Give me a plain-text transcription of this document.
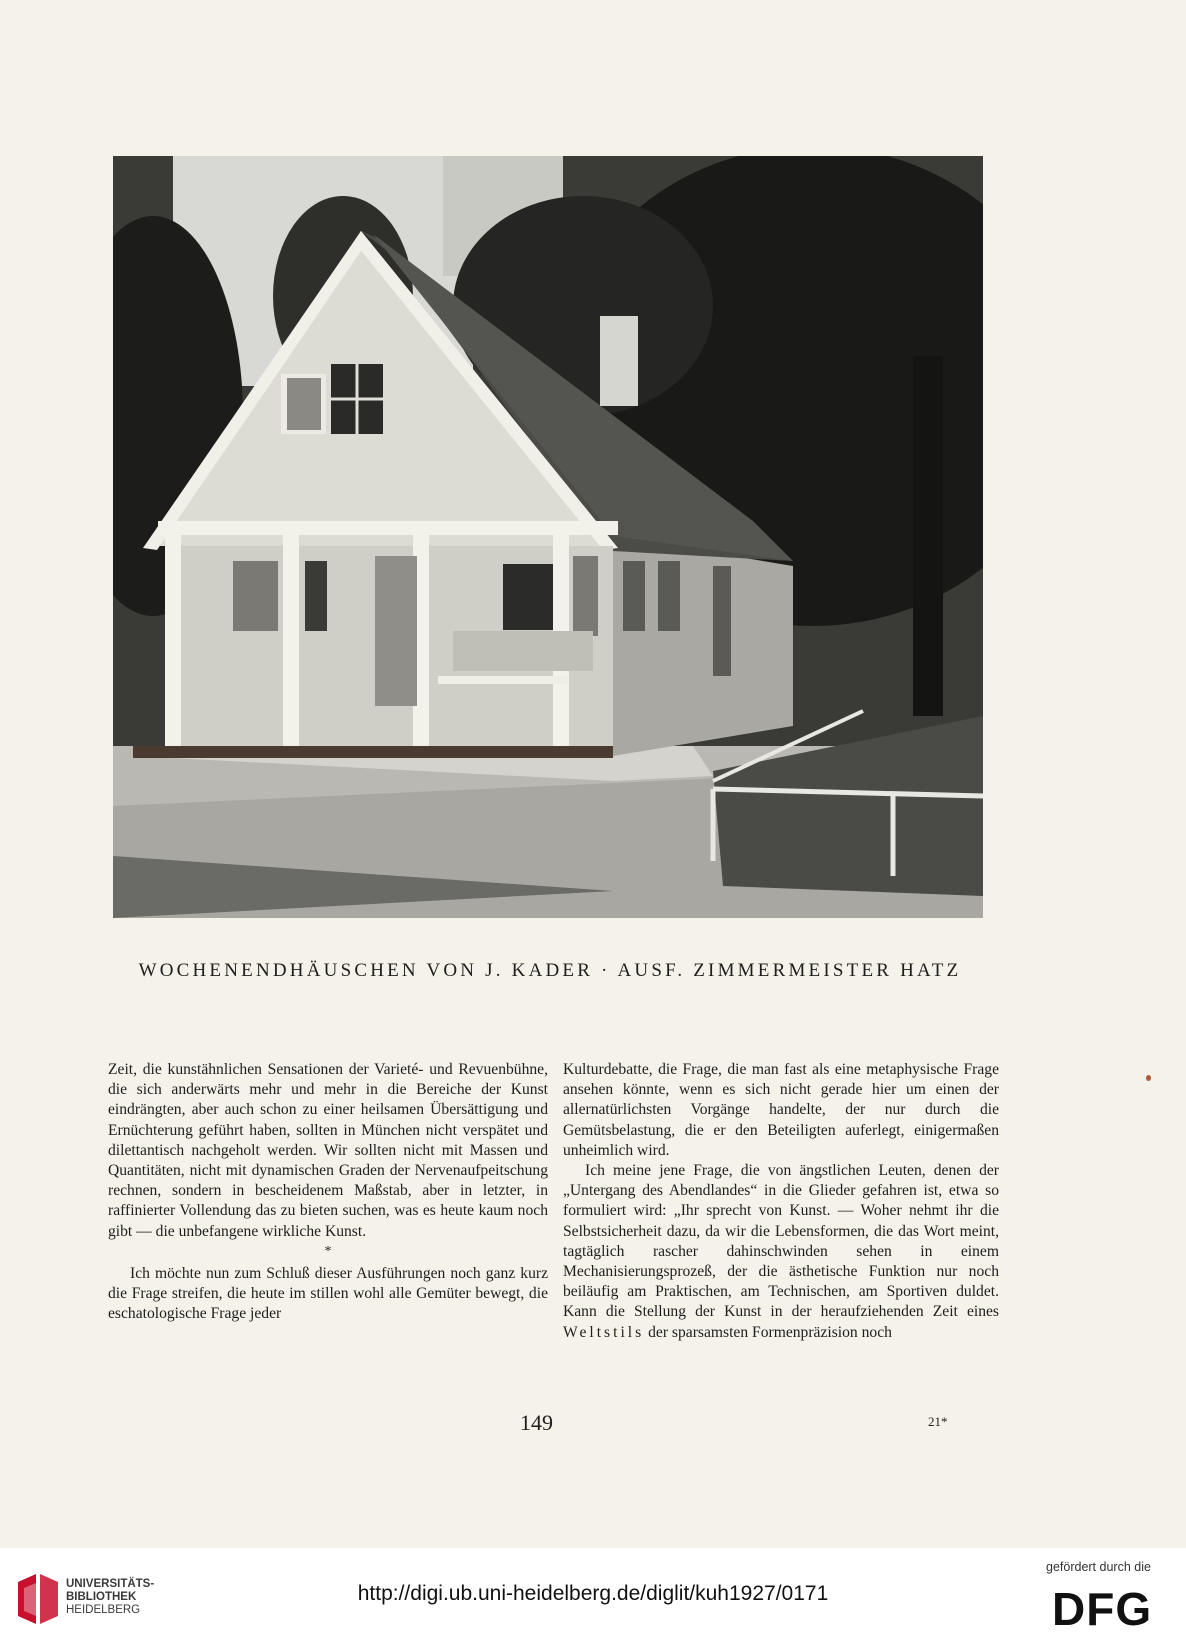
WOCHENENDHÄUSCHEN VON J. KADER · AUSF. ZIMMERMEISTER HATZ

Zeit, die kunstähnlichen Sensationen der Varieté- und Revuenbühne, die sich anderwärts mehr und mehr in die Bereiche der Kunst eindrängten, aber auch schon zu einer heilsamen Übersättigung und Ernüchterung geführt haben, sollten in München nicht verspätet und dilettantisch nachgeholt werden. Wir sollten nicht mit Massen und Quantitäten, nicht mit dynamischen Graden der Nervenaufpeitschung rechnen, sondern in bescheidenem Maßstab, aber in letzter, in raffinierter Vollendung das zu bieten suchen, was es heute kaum noch gibt — die unbefangene wirkliche Kunst.

*

Ich möchte nun zum Schluß dieser Ausführungen noch ganz kurz die Frage streifen, die heute im stillen wohl alle Gemüter bewegt, die eschatologische Frage jeder

Kulturdebatte, die Frage, die man fast als eine metaphysische Frage ansehen könnte, wenn es sich nicht gerade hier um einen der allernatürlichsten Vorgänge handelte, der nur durch die Gemütsbelastung, die er den Beteiligten auferlegt, einigermaßen unheimlich wird.

Ich meine jene Frage, die von ängstlichen Leuten, denen der „Untergang des Abendlandes“ in die Glieder gefahren ist, etwa so formuliert wird: „Ihr sprecht von Kunst. — Woher nehmt ihr die Selbstsicherheit dazu, da wir die Lebensformen, die das Wort meint, tagtäglich rascher dahinschwinden sehen in einem Mechanisierungsprozeß, der die ästhetische Funktion nur noch beiläufig am Praktischen, am Technischen, am Sportiven duldet. Kann die Stellung der Kunst in der heraufziehenden Zeit eines Weltstils der sparsamsten Formenpräzision noch

149	21*
UNIVERSITÄTS-
BIBLIOTHEK
HEIDELBERG
http://digi.ub.uni-heidelberg.de/diglit/kuh1927/0171
gefördert durch die
DFG
